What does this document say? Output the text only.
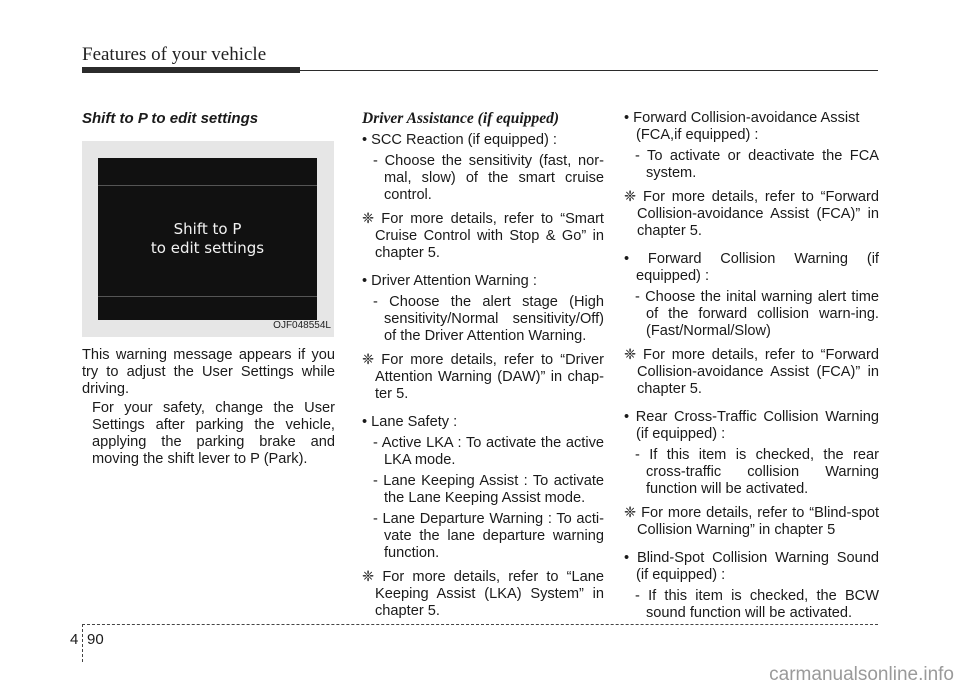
Features of your vehicle

Shift to P to edit settings

Shift to P
to edit settings
OJF048554L

This warning message appears if you try to adjust the User Settings while driving.

For your safety, change the User Settings after parking the vehicle, applying the parking brake and moving the shift lever to P (Park).

Driver Assistance (if equipped)

• SCC Reaction (if equipped) :

- Choose the sensitivity (fast, nor-mal, slow) of the smart cruise control.

❈ For more details, refer to “Smart Cruise Control with Stop & Go” in chapter 5.

• Driver Attention Warning :

- Choose the alert stage (High sensitivity/Normal sensitivity/Off) of the Driver Attention Warning.

❈ For more details, refer to “Driver Attention Warning (DAW)” in chap-ter 5.

• Lane Safety :

- Active LKA : To activate the active LKA mode.

- Lane Keeping Assist : To activate the Lane Keeping Assist mode.

- Lane Departure Warning : To acti-vate the lane departure warning function.

❈ For more details, refer to “Lane Keeping Assist (LKA) System” in chapter 5.

• Forward Collision-avoidance Assist (FCA,if equipped) :

- To activate or deactivate the FCA system.

❈ For more details, refer to “Forward Collision-avoidance Assist (FCA)” in chapter 5.

• Forward Collision Warning (if equipped) :

- Choose the inital warning alert time of the forward collision warn-ing. (Fast/Normal/Slow)

❈ For more details, refer to “Forward Collision-avoidance Assist (FCA)” in chapter 5.

• Rear Cross-Traffic Collision Warning (if equipped) :

- If this item is checked, the rear cross-traffic collision Warning function will be activated.

❈ For more details, refer to “Blind-spot Collision Warning” in chapter 5

• Blind-Spot Collision Warning Sound (if equipped) :

- If this item is checked, the BCW sound function will be activated.

4 90
carmanualsonline.info
